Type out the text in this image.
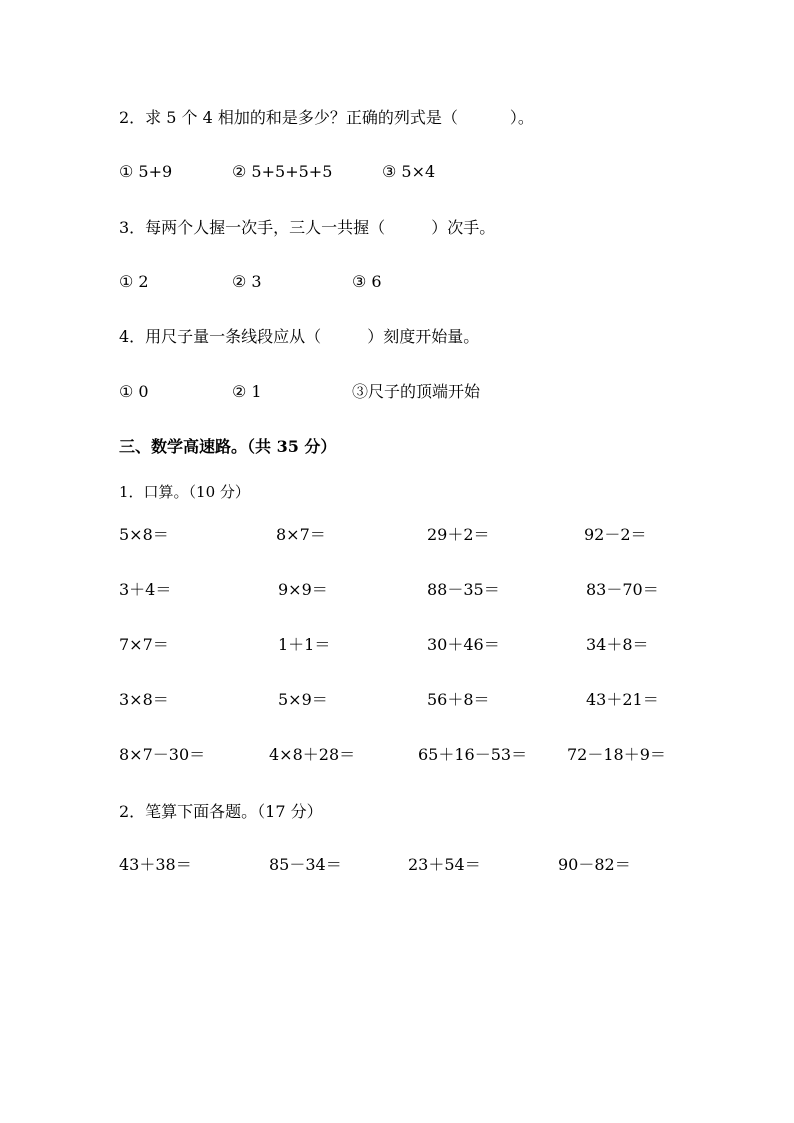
2．求 5 个 4 相加的和是多少？正确的列式是（	）。
① 5+9	② 5+5+5+5	③ 5×4
3．每两个人握一次手，三人一共握（	）次手。
① 2	② 3	③ 6
4．用尺子量一条线段应从（	）刻度开始量。
① 0	② 1	③尺子的顶端开始
三、数学高速路。（共 35 分）
1．口算。（10 分）
5×8＝	8×7＝	29＋2＝	92－2＝
3＋4＝	9×9＝	88－35＝	83－70＝
7×7＝	1＋1＝	30＋46＝	34＋8＝
3×8＝	5×9＝	56＋8＝	43＋21＝
8×7－30＝	4×8＋28＝	65＋16－53＝ 72－18＋9＝
2．笔算下面各题。（17 分）
43＋38＝	85－34＝	23＋54＝	90－82＝
